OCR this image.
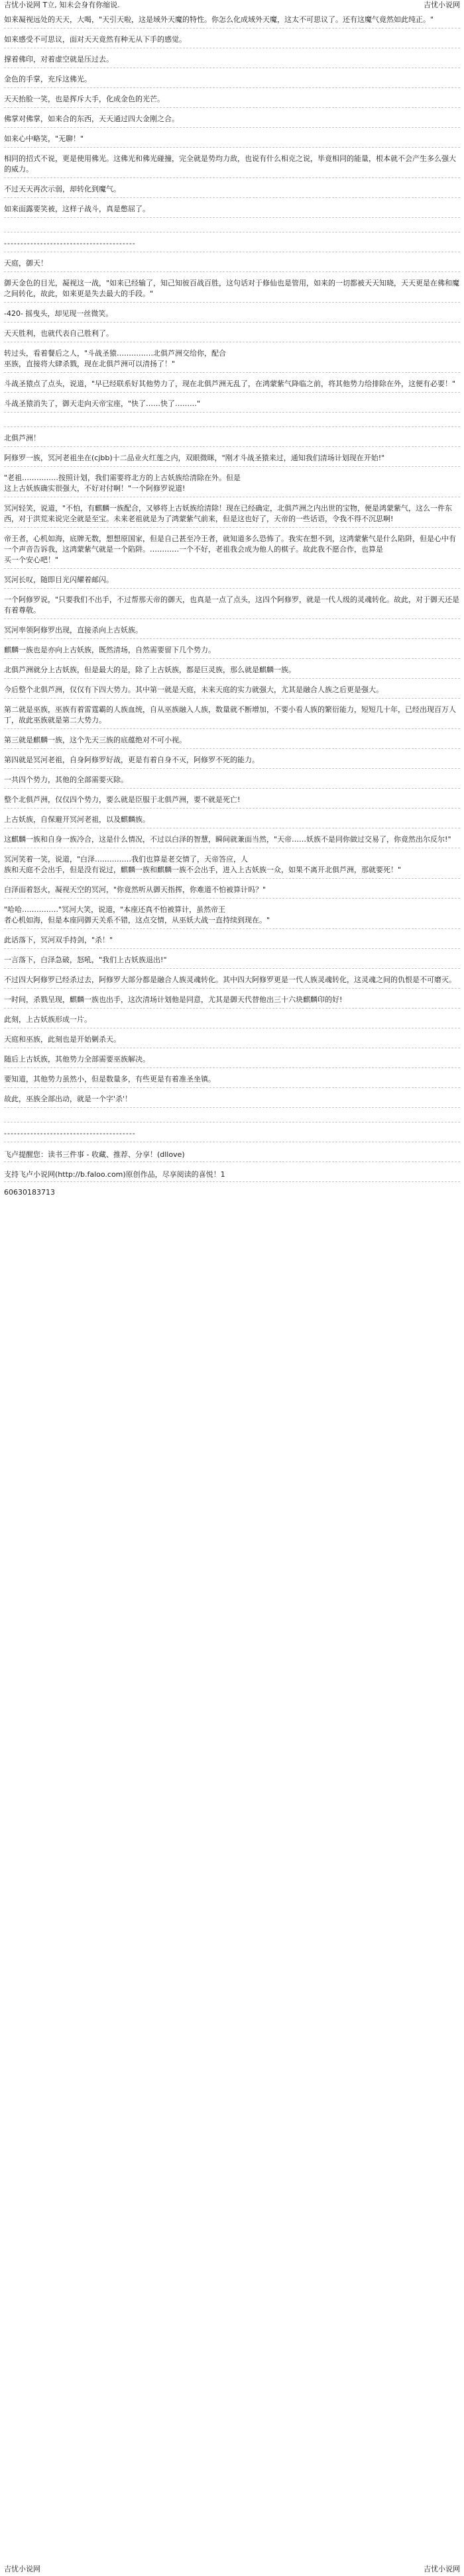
吉忧小说网 T立, 知未会身有你缩说.	吉忧小说网
如来凝视远处的天天，大喝，"天引天啦，这是域外天魔的特性。你怎么化成域外天魔，这太不可思议了。还有这魔气竟然如此纯正。"
如来感受不可思议，面对天天竟然有种无从下手的感觉。
撑着佛印，对着虚空就是压过去。
金色的手掌，充斥这佛光。
天天抬脸一笑，也是挥斥大手，化成金色的光芒。
佛掌对佛掌，如来合的东西，天天通过四大金刚之合。
如来心中略笑，"无聊！"
相同的招式不说，更是使用佛光。这佛光和佛光碰撞，完全就是势均力敌，也说有什么相克之说，毕竟相同的能量，根本就不会产生多么强大的威力。
不过天天再次示弱，却转化到魔气。
如来面露要笑被，这样子战斗，真是憋屈了。
----------------------------------------
天庭，御天！
御天金色的目光，凝视这一战，"如来已经输了，知己知彼百战百胜，这句话对于修仙也是管用，如来的一切都被天天知晓，天天更是在佛和魔之间转化，故此，如来更是失去最大的手段。"
-420- 摇曳头，却见现一丝微笑。
天天胜利，也就代表自己胜利了。
转过头，看着餐后之人，"斗战圣猿……………北俱芦洲交给你，配合
巫族，直接将大肆杀戮，现在北俱芦洲可以清扬了！"
斗战圣猿点了点头，说道，"早已经联系好其他势力了，现在北俱芦洲无乱了，在鸿蒙紫气降临之前，将其他势力给排除在外，这便有必要！"
斗战圣猿消失了，御天走向天帝宝座，"快了……快了………"
北俱芦洲！
阿修罗一族，冥河老祖坐在(cjbb)十二品业火红莲之内，双眼微眯，"刚才斗战圣猿来过，通知我们清场计划现在开始!"
"老祖……………按照计划，我们需要将北方的上古妖族给清除在外。但是
这上古妖族确实很强大，不好对付啊！"一个阿修罗说道!
冥河轻笑，说道，"不怕，有麒麟一族配合，又够将上古妖族给清除！现在已经确定，北俱芦洲之内出世的宝物，便是鸿蒙紫气，这么一件东西，对于洪荒来说完全就是至宝。未来老祖就是为了鸿蒙紫气前来，但是这也好了，天帝的一些话语，令我不得不沉思啊!
帝王者，心机如海，底牌无数，想想原国家，但是自己甚至冷王者，就知道多么恐怖了。我实在想不到，这鸿蒙紫气是什么陷阱，但是心中有一个声音告诉我，这鸿蒙紫气就是一个陷阱。…………一个不好，老祖我会成为他人的棋子。故此我不愿合作，也算是
买一个安心吧！"
冥河长叹，随即目光闪耀着邮闪。
一个阿修罗说，"只要我们不出手，不过帮那天帝的御天，也真是一点了点头，这四个阿修罗，就是一代人级的灵魂转化。故此，对于御天还是有着尊敬。
冥河率领阿修罗出现，直接杀向上古妖族。
麒麟一族也是亦向上古妖族，既然清场，自然需要留下几个势力。
北俱芦洲就分上古妖族，但是最大的是，除了上古妖族，都是巨灵族，那么就是麒麟一族。
今后整个北俱芦洲，仅仅有下四大势力。其中第一就是天庭，未来天庭的实力就强大，尤其是融合人族之后更是强大。
第二就是巫族，巫族有着雷霆霸的人族血统，自从巫族融入人族，数量就不断增加，不要小看人族的繁衍能力，短短几十年，已经出现百万人丁，故此巫族就是第二大势力。
第三就是麒麟一族，这个先天三族的底蕴绝对不可小视。
第四就是冥河老祖，自身阿修罗好战，更是有着自身不灭，阿修罗不死的能力。
一共四个势力，其他的全部需要灭除。
整个北俱芦洲，仅仅四个势力，要么就是臣服于北俱芦洲，要不就是死亡!
上古妖族，自保避开冥河老祖，以及麒麟族。
这麒麟一族和自身一族冷合，这是什么情况，不过以白泽的智慧，瞬间就兼面当然，"天帝……妖族不是同你做过交易了，你竟然出尔反尔!"
冥河笑着一笑，说道，"白泽……………我们也算是老交情了，天帝答应，人
族和天庭不会出手，但是没有说过，麒麟一族和麒麟一族不会出手，进入上古妖族一众，如果不离开北俱芦洲，那就要死！"
白泽面着怒火，凝视天空的冥河，"你竟然听从御天指挥，你难道不怕被算计吗？"
"哈哈……………"冥河大笑，说道，"本座还真不怕被算计，虽然帝王
者心机如海，但是本座同御天关系不错，这点交情，从巫妖大战一直持续到现在。"
此话落下，冥河双手持剑，"杀！"
一言落下，白泽急破，怒吼，"我们上古妖族退出!"
不过四大阿修罗已经杀过去，阿修罗大部分都是融合人族灵魂转化。其中四大阿修罗更是一代人族灵魂转化，这灵魂之间的仇恨是不可磨灭。
一时间，杀戮呈现，麒麟一族也出手，这次清场计划他是同意，尤其是御天代替他出三十六块麒麟印的好!
此刻，上古妖族形成一片。
天庭和巫族，此刻也是开始剿杀天。
随后上古妖族，其他势力全部需要巫族解决。
要知道，其他势力虽然小，但是数量多，有些更是有着准圣坐镇。
故此，巫族全部出动，就是一个字'杀'！
----------------------------------------
飞卢提醒您：读书三件事 - 收藏、推荐、分享！(dllove)
支持飞卢小说网(http://b.faloo.com)原创作品，尽享阅读的喜悦！1
60630183713
吉忧小说网	吉忧小说网
